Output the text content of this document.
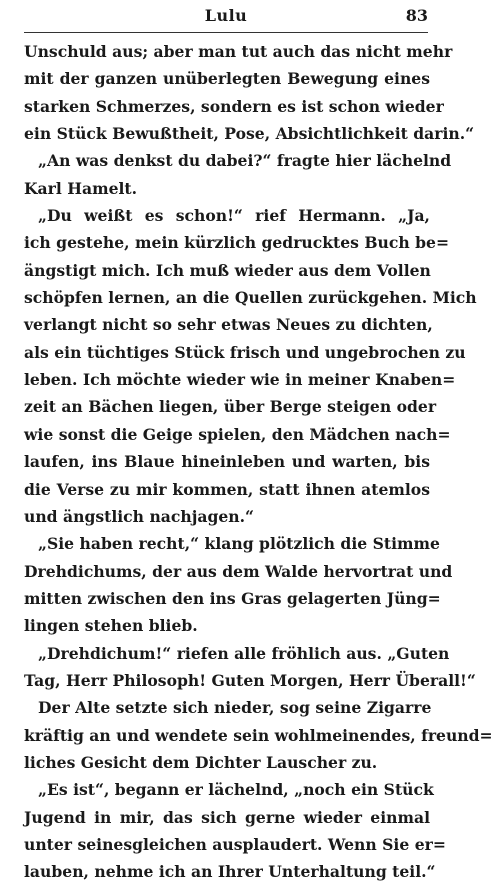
Lulu	83
Unschuld aus; aber man tut auch das nicht mehr
mit der ganzen unüberlegten Bewegung eines
starken Schmerzes, sondern es ist schon wieder
ein Stück Bewußtheit, Pose, Absichtlichkeit darin.“
„An was denkst du dabei?“ fragte hier lächelnd
Karl Hamelt.
„Du weißt es schon!“ rief Hermann. „Ja,
ich gestehe, mein kürzlich gedrucktes Buch be=
ängstigt mich. Ich muß wieder aus dem Vollen
schöpfen lernen, an die Quellen zurückgehen. Mich
verlangt nicht so sehr etwas Neues zu dichten,
als ein tüchtiges Stück frisch und ungebrochen zu
leben. Ich möchte wieder wie in meiner Knaben=
zeit an Bächen liegen, über Berge steigen oder
wie sonst die Geige spielen, den Mädchen nach=
laufen, ins Blaue hineinleben und warten, bis
die Verse zu mir kommen, statt ihnen atemlos
und ängstlich nachjagen.“
„Sie haben recht,“ klang plötzlich die Stimme
Drehdichums, der aus dem Walde hervortrat und
mitten zwischen den ins Gras gelagerten Jüng=
lingen stehen blieb.
„Drehdichum!“ riefen alle fröhlich aus. „Guten
Tag, Herr Philosoph! Guten Morgen, Herr Überall!“
Der Alte setzte sich nieder, sog seine Zigarre
kräftig an und wendete sein wohlmeinendes, freund=
liches Gesicht dem Dichter Lauscher zu.
„Es ist“, begann er lächelnd, „noch ein Stück
Jugend in mir, das sich gerne wieder einmal
unter seinesgleichen ausplaudert. Wenn Sie er=
lauben, nehme ich an Ihrer Unterhaltung teil.“
